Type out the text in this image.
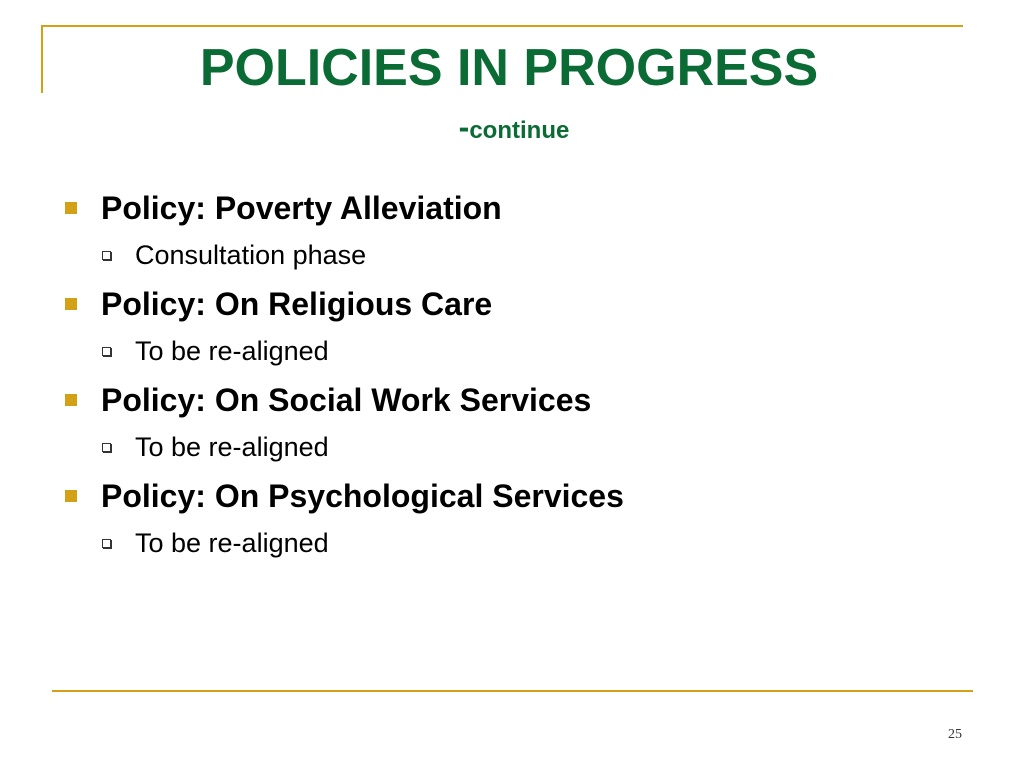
POLICIES IN PROGRESS
-continue
Policy: Poverty Alleviation
Consultation phase
Policy: On Religious Care
To be re-aligned
Policy: On Social Work Services
To be re-aligned
Policy: On Psychological Services
To be re-aligned
25
